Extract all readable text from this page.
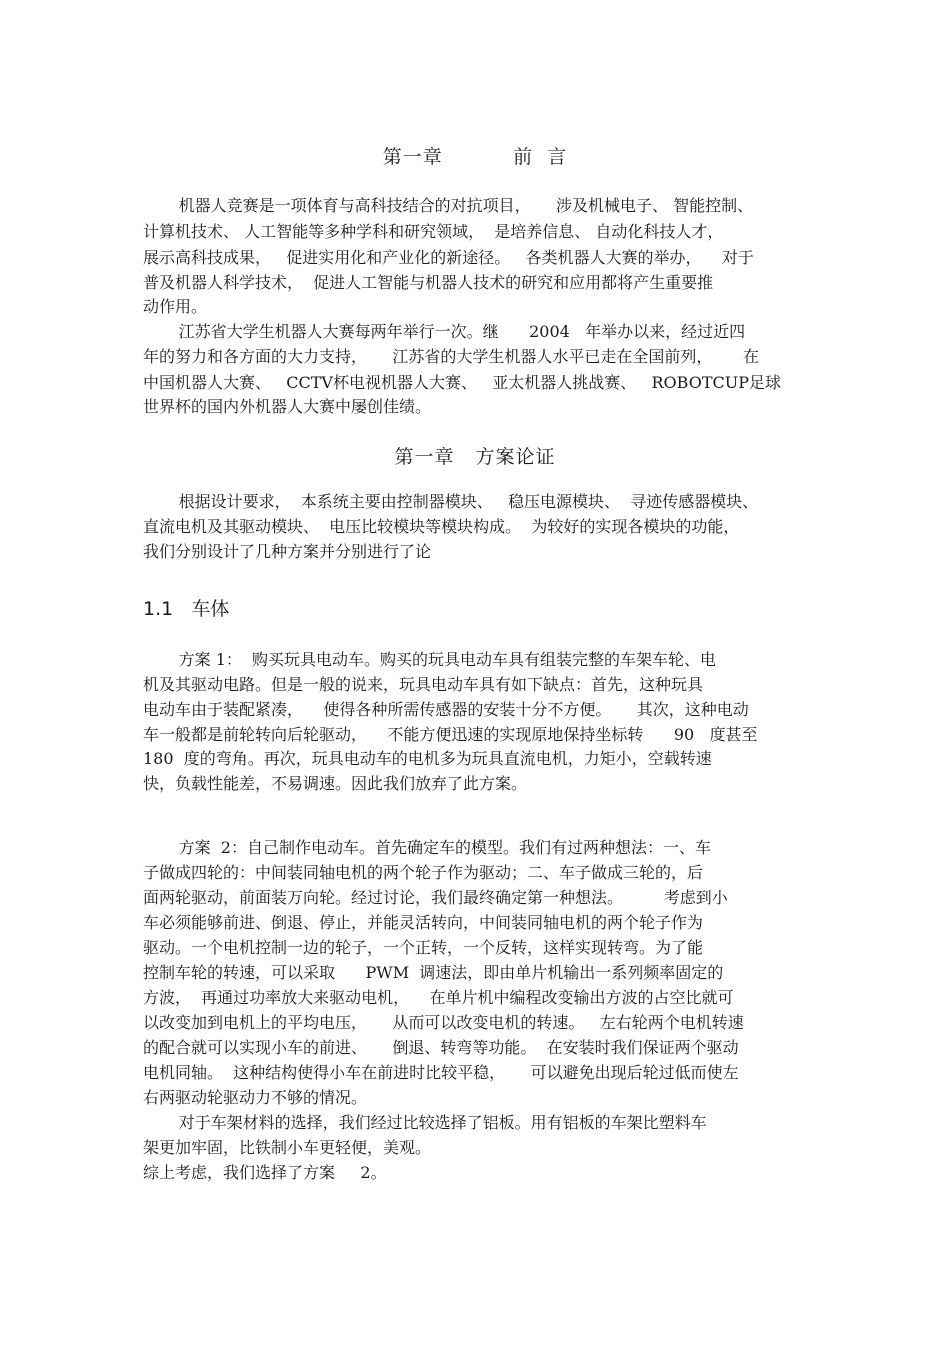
第一章          前  言
机器人竞赛是一项体育与高科技结合的对抗项目，     涉及机械电子、 智能控制、
计算机技术、 人工智能等多种学科和研究领域，  是培养信息、 自动化科技人才，
展示高科技成果，   促进实用化和产业化的新途径。   各类机器人大赛的举办，    对于
普及机器人科学技术，  促进人工智能与机器人技术的研究和应用都将产生重要推
动作用。
江苏省大学生机器人大赛每两年举行一次。继      2004   年举办以来，经过近四
年的努力和各方面的大力支持，     江苏省的大学生机器人水平已走在全国前列，      在
中国机器人大赛、   CCTV杯电视机器人大赛、   亚太机器人挑战赛、   ROBOTCUP足球
世界杯的国内外机器人大赛中屡创佳绩。
第一章   方案论证
根据设计要求，  本系统主要由控制器模块、   稳压电源模块、  寻迹传感器模块、
直流电机及其驱动模块、  电压比较模块等模块构成。  为较好的实现各模块的功能，
我们分别设计了几种方案并分别进行了论
1.1   车体
方案 1：  购买玩具电动车。购买的玩具电动车具有组装完整的车架车轮、电
机及其驱动电路。但是一般的说来，玩具电动车具有如下缺点：首先，这种玩具
电动车由于装配紧凑，    使得各种所需传感器的安装十分不方便。     其次，这种电动
车一般都是前轮转向后轮驱动，    不能方便迅速的实现原地保持坐标转      90   度甚至
180  度的弯角。再次，玩具电动车的电机多为玩具直流电机，力矩小，空载转速
快，负载性能差，不易调速。因此我们放弃了此方案。
方案  2：自己制作电动车。首先确定车的模型。我们有过两种想法：一、车
子做成四轮的：中间装同轴电机的两个轮子作为驱动；二、车子做成三轮的，后
面两轮驱动，前面装万向轮。经过讨论，我们最终确定第一种想法。        考虑到小
车必须能够前进、倒退、停止，并能灵活转向，中间装同轴电机的两个轮子作为
驱动。一个电机控制一边的轮子，一个正转，一个反转，这样实现转弯。为了能
控制车轮的转速，可以采取      PWM  调速法，即由单片机输出一系列频率固定的
方波，  再通过功率放大来驱动电机，    在单片机中编程改变输出方波的占空比就可
以改变加到电机上的平均电压，     从而可以改变电机的转速。   左右轮两个电机转速
的配合就可以实现小车的前进、     倒退、转弯等功能。  在安装时我们保证两个驱动
电机同轴。  这种结构使得小车在前进时比较平稳，     可以避免出现后轮过低而使左
右两驱动轮驱动力不够的情况。
对于车架材料的选择，我们经过比较选择了铝板。用有铝板的车架比塑料车
架更加牢固，比铁制小车更轻便，美观。
综上考虑，我们选择了方案     2。
